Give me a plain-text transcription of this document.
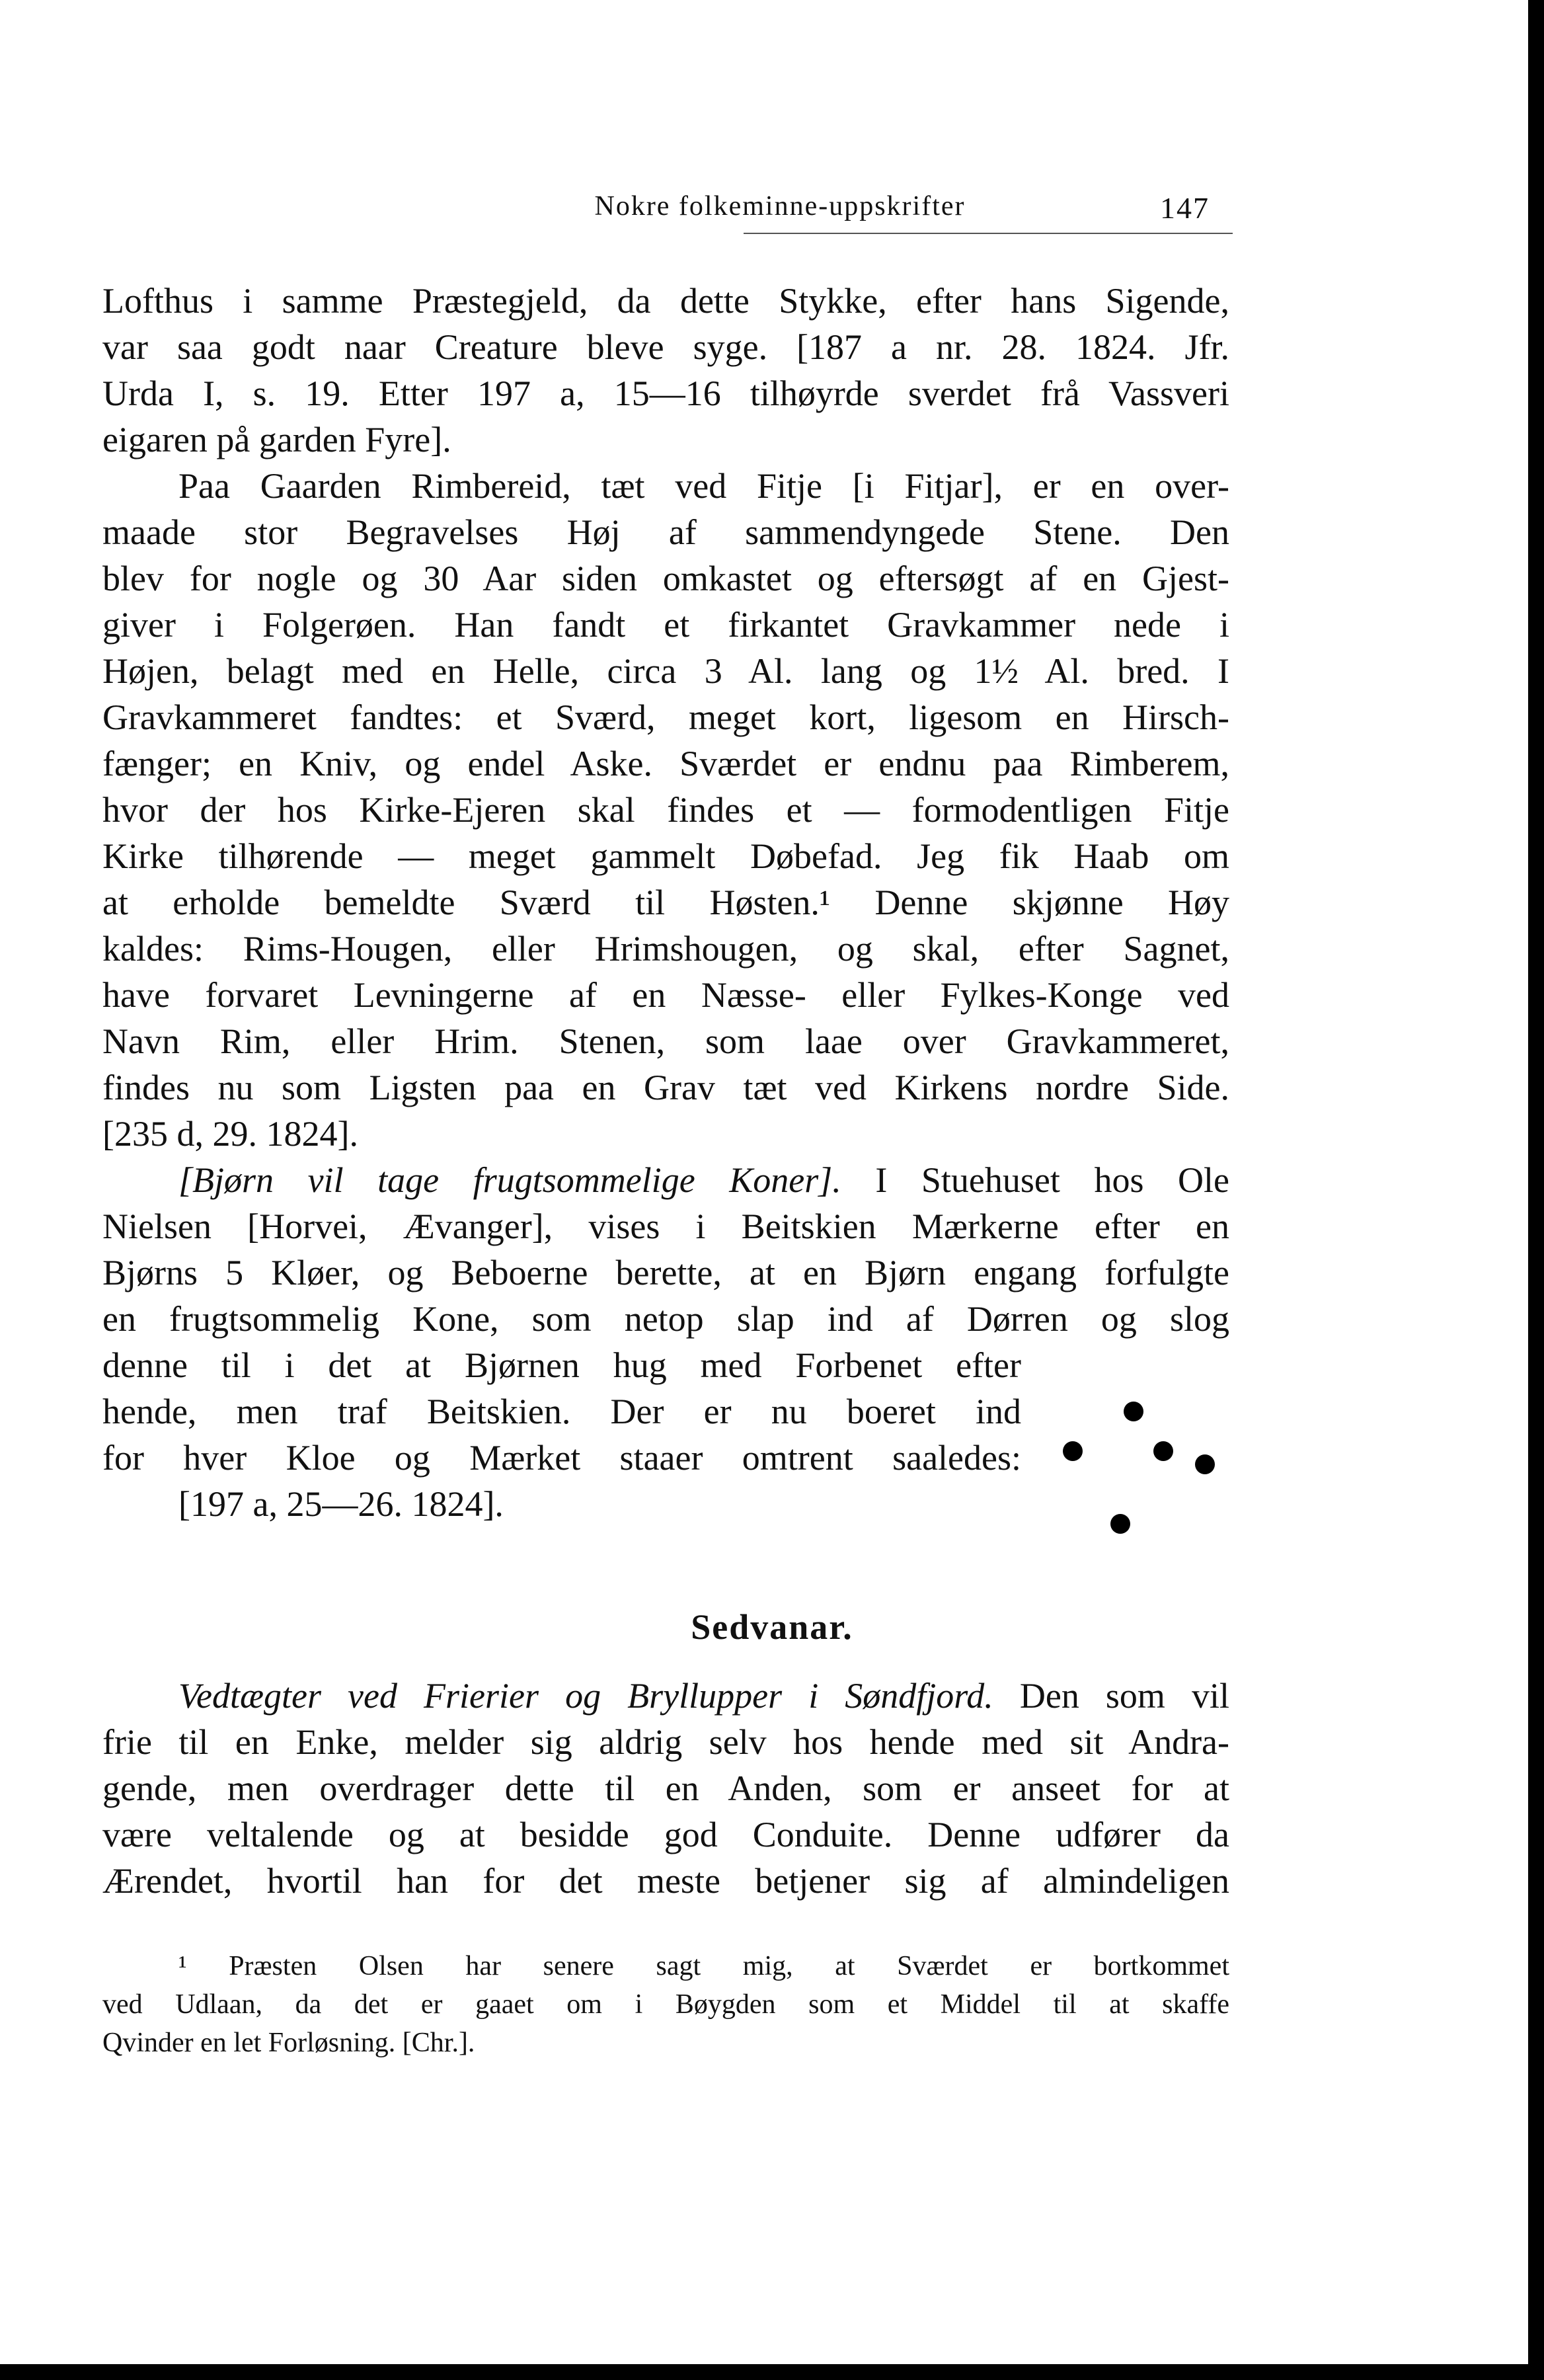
Nokre folkeminne-uppskrifter	147
Lofthus i samme Præstegjeld, da dette Stykke, efter hans Sigende,
var saa godt naar Creature bleve syge. [187 a nr. 28. 1824. Jfr.
Urda I, s. 19. Etter 197 a, 15—16 tilhøyrde sverdet frå Vassveri
eigaren på garden Fyre].
Paa Gaarden Rimbereid, tæt ved Fitje [i Fitjar], er en over-
maade stor Begravelses Høj af sammendyngede Stene. Den
blev for nogle og 30 Aar siden omkastet og eftersøgt af en Gjest-
giver i Folgerøen. Han fandt et firkantet Gravkammer nede i
Højen, belagt med en Helle, circa 3 Al. lang og 1½ Al. bred. I
Gravkammeret fandtes: et Sværd, meget kort, ligesom en Hirsch-
fænger; en Kniv, og endel Aske. Sværdet er endnu paa Rimberem,
hvor der hos Kirke-Ejeren skal findes et — formodentligen Fitje
Kirke tilhørende — meget gammelt Døbefad. Jeg fik Haab om
at erholde bemeldte Sværd til Høsten.¹ Denne skjønne Høy
kaldes: Rims-Hougen, eller Hrimshougen, og skal, efter Sagnet,
have forvaret Levningerne af en Næsse- eller Fylkes-Konge ved
Navn Rim, eller Hrim. Stenen, som laae over Gravkammeret,
findes nu som Ligsten paa en Grav tæt ved Kirkens nordre Side.
[235 d, 29. 1824].
[Bjørn vil tage frugtsommelige Koner]. I Stuehuset hos Ole
Nielsen [Horvei, Ævanger], vises i Beitskien Mærkerne efter en
Bjørns 5 Kløer, og Beboerne berette, at en Bjørn engang forfulgte
en frugtsommelig Kone, som netop slap ind af Dørren og slog
denne til i det at Bjørnen hug med Forbenet efter
hende, men traf Beitskien. Der er nu boeret ind
for hver Kloe og Mærket staaer omtrent saaledes:
[197 a, 25—26. 1824].
Sedvanar.
Vedtægter ved Frierier og Bryllupper i Søndfjord. Den som vil
frie til en Enke, melder sig aldrig selv hos hende med sit Andra-
gende, men overdrager dette til en Anden, som er anseet for at
være veltalende og at besidde god Conduite. Denne udfører da
Ærendet, hvortil han for det meste betjener sig af almindeligen
¹ Præsten Olsen har senere sagt mig, at Sværdet er bortkommet
ved Udlaan, da det er gaaet om i Bøygden som et Middel til at skaffe
Qvinder en let Forløsning. [Chr.].
